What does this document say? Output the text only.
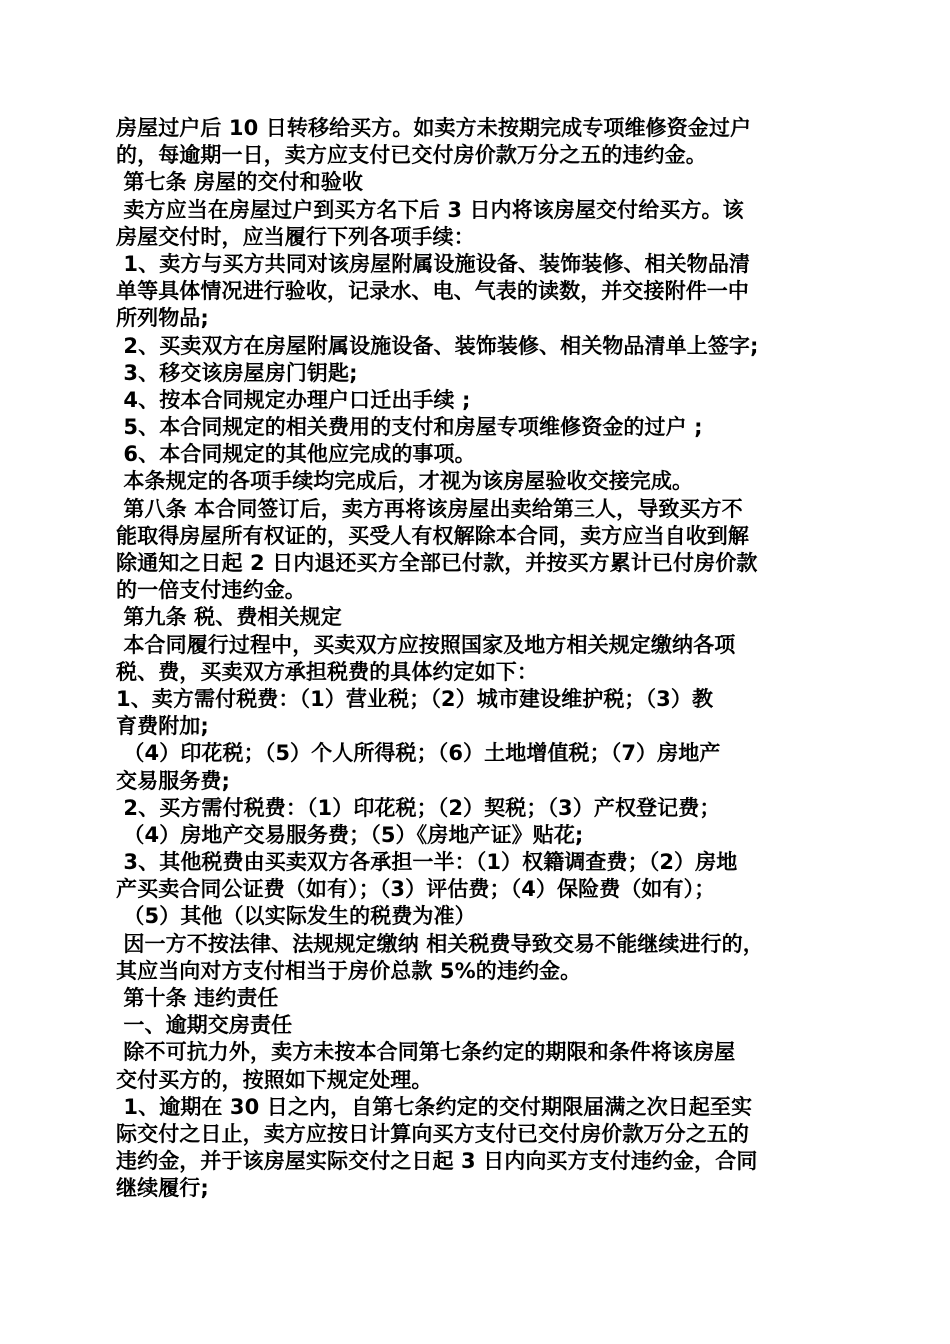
房屋过户后 10 日转移给买方。如卖方未按期完成专项维修资金过户
的，每逾期一日，卖方应支付已交付房价款万分之五的违约金。
第七条 房屋的交付和验收
卖方应当在房屋过户到买方名下后 3 日内将该房屋交付给买方。该
房屋交付时，应当履行下列各项手续：
1、卖方与买方共同对该房屋附属设施设备、装饰装修、相关物品清
单等具体情况进行验收，记录水、电、气表的读数，并交接附件一中
所列物品;
2、买卖双方在房屋附属设施设备、装饰装修、相关物品清单上签字;
3、移交该房屋房门钥匙;
4、按本合同规定办理户口迁出手续 ;
5、本合同规定的相关费用的支付和房屋专项维修资金的过户 ;
6、本合同规定的其他应完成的事项。
本条规定的各项手续均完成后，才视为该房屋验收交接完成。
第八条 本合同签订后，卖方再将该房屋出卖给第三人，导致买方不
能取得房屋所有权证的，买受人有权解除本合同，卖方应当自收到解
除通知之日起 2 日内退还买方全部已付款，并按买方累计已付房价款
的一倍支付违约金。
第九条 税、费相关规定
本合同履行过程中，买卖双方应按照国家及地方相关规定缴纳各项
税、费，买卖双方承担税费的具体约定如下：
1、卖方需付税费：（1）营业税；（2）城市建设维护税；（3）教
育费附加;
（4）印花税；（5）个人所得税；（6）土地增值税；（7）房地产
交易服务费;
2、买方需付税费：（1）印花税；（2）契税；（3）产权登记费；
（4）房地产交易服务费；（5）《房地产证》贴花;
3、其他税费由买卖双方各承担一半：（1）权籍调查费；（2）房地
产买卖合同公证费（如有）；（3）评估费；（4）保险费（如有）；
（5）其他（以实际发生的税费为准）
因一方不按法律、法规规定缴纳 相关税费导致交易不能继续进行的，
其应当向对方支付相当于房价总款 5%的违约金。
第十条 违约责任
一、逾期交房责任
除不可抗力外，卖方未按本合同第七条约定的期限和条件将该房屋
交付买方的，按照如下规定处理。
1、逾期在 30 日之内，自第七条约定的交付期限届满之次日起至实
际交付之日止，卖方应按日计算向买方支付已交付房价款万分之五的
违约金，并于该房屋实际交付之日起 3 日内向买方支付违约金，合同
继续履行;
